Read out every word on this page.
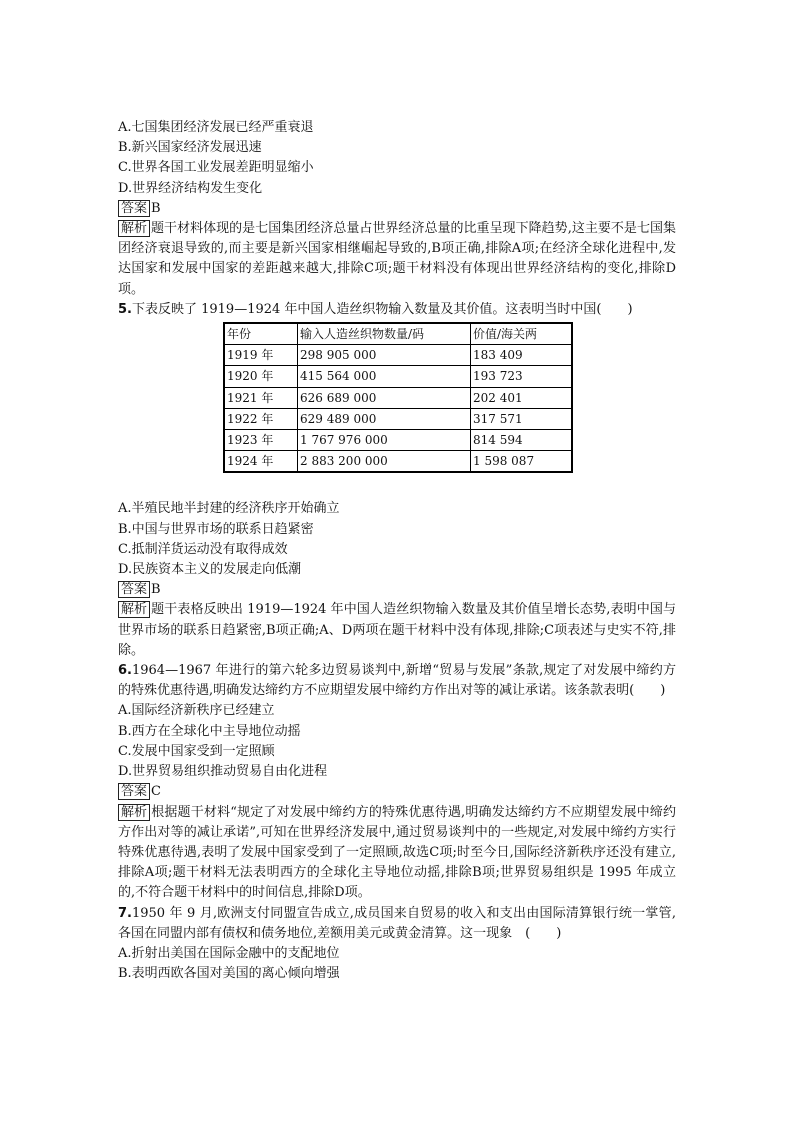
A.七国集团经济发展已经严重衰退
B.新兴国家经济发展迅速
C.世界各国工业发展差距明显缩小
D.世界经济结构发生变化
答案 B
解析 题干材料体现的是七国集团经济总量占世界经济总量的比重呈现下降趋势,这主要不是七国集团经济衰退导致的,而主要是新兴国家相继崛起导致的,B项正确,排除A项;在经济全球化进程中,发达国家和发展中国家的差距越来越大,排除C项;题干材料没有体现出世界经济结构的变化,排除D项。
5.下表反映了 1919—1924 年中国人造丝织物输入数量及其价值。这表明当时中国(　　)
年份	输入人造丝织物数量/码	价值/海关两
1919 年	298 905 000	183 409
1920 年	415 564 000	193 723
1921 年	626 689 000	202 401
1922 年	629 489 000	317 571
1923 年	1 767 976 000	814 594
1924 年	2 883 200 000	1 598 087
A.半殖民地半封建的经济秩序开始确立
B.中国与世界市场的联系日趋紧密
C.抵制洋货运动没有取得成效
D.民族资本主义的发展走向低潮
答案 B
解析 题干表格反映出 1919—1924 年中国人造丝织物输入数量及其价值呈增长态势,表明中国与世界市场的联系日趋紧密,B项正确;A、D两项在题干材料中没有体现,排除;C项表述与史实不符,排除。
6.1964—1967 年进行的第六轮多边贸易谈判中,新增“贸易与发展”条款,规定了对发展中缔约方的特殊优惠待遇,明确发达缔约方不应期望发展中缔约方作出对等的减让承诺。该条款表明(　　)
A.国际经济新秩序已经建立
B.西方在全球化中主导地位动摇
C.发展中国家受到一定照顾
D.世界贸易组织推动贸易自由化进程
答案 C
解析 根据题干材料“规定了对发展中缔约方的特殊优惠待遇,明确发达缔约方不应期望发展中缔约方作出对等的减让承诺”,可知在世界经济发展中,通过贸易谈判中的一些规定,对发展中缔约方实行特殊优惠待遇,表明了发展中国家受到了一定照顾,故选C项;时至今日,国际经济新秩序还没有建立,排除A项;题干材料无法表明西方的全球化主导地位动摇,排除B项;世界贸易组织是 1995 年成立的,不符合题干材料中的时间信息,排除D项。
7.1950 年 9 月,欧洲支付同盟宣告成立,成员国来自贸易的收入和支出由国际清算银行统一掌管,各国在同盟内部有债权和债务地位,差额用美元或黄金清算。这一现象　(　　)
A.折射出美国在国际金融中的支配地位
B.表明西欧各国对美国的离心倾向增强
